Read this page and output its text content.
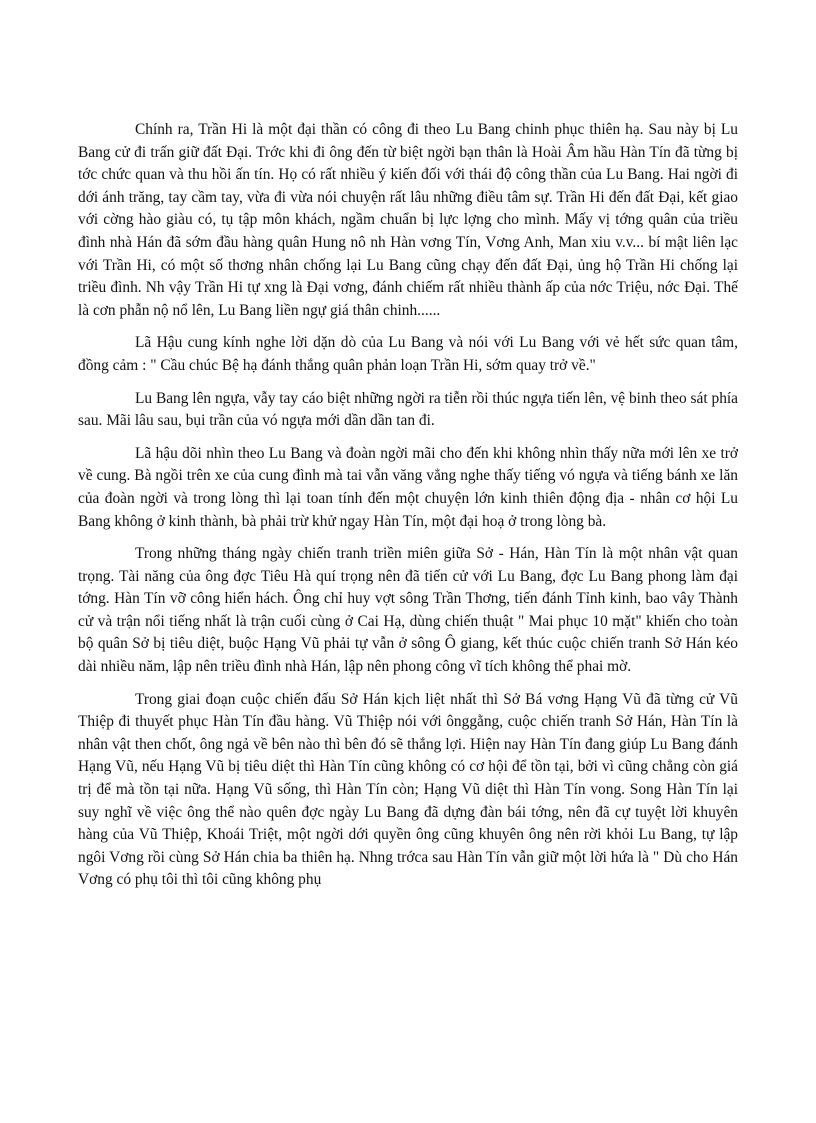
Chính ra, Trần Hi là một đại thần có công đi theo Lu Bang chinh phục thiên hạ. Sau này bị Lu Bang cử đi trấn giữ đất Đại. Trớc khi đi ông đến từ biệt ngời bạn thân là Hoài Âm hầu Hàn Tín đã từng bị tớc chức quan và thu hồi ấn tín. Họ có rất nhiều ý kiến đối với thái độ công thần của Lu Bang. Hai ngời đi dới ánh trăng, tay cầm tay, vừa đi vừa nói chuyện rất lâu những điều tâm sự. Trần Hi đến đất Đại, kết giao với cờng hào giàu có, tụ tập môn khách, ngầm chuẩn bị lực lợng cho mình. Mấy vị tớng quân của triều đình nhà Hán đã sớm đầu hàng quân Hung nô nh Hàn vơng Tín, Vơng Anh, Man xiu v.v... bí mật liên lạc với Trần Hi, có một số thơng nhân chống lại Lu Bang cũng chạy đến đất Đại, ủng hộ Trần Hi chống lại triều đình. Nh vậy Trần Hi tự xng là Đại vơng, đánh chiếm rất nhiều thành ấp của nớc Triệu, nớc Đại. Thế là cơn phẫn nộ nổ lên, Lu Bang liền ngự giá thân chinh......

Lã Hậu cung kính nghe lời dặn dò của Lu Bang và nói với Lu Bang với vẻ hết sức quan tâm, đồng cảm : " Cầu chúc Bệ hạ đánh thắng quân phản loạn Trần Hi, sớm quay trở về."

Lu Bang lên ngựa, vẫy tay cáo biệt những ngời ra tiễn rồi thúc ngựa tiến lên, vệ binh theo sát phía sau. Mãi lâu sau, bụi trần của vó ngựa mới dần dần tan đi.

Lã hậu dõi nhìn theo Lu Bang và đoàn ngời mãi cho đến khi không nhìn thấy nữa mới lên xe trở về cung. Bà ngồi trên xe của cung đình mà tai vẫn văng vẳng nghe thấy tiếng vó ngựa và tiếng bánh xe lăn của đoàn ngời và trong lòng thì lại toan tính đến một chuyện lớn kinh thiên động địa - nhân cơ hội Lu Bang không ở kinh thành, bà phải trừ khử ngay Hàn Tín, một đại hoạ ở trong lòng bà.

Trong những tháng ngày chiến tranh triền miên giữa Sở - Hán, Hàn Tín là một nhân vật quan trọng. Tài năng của ông đợc Tiêu Hà quí trọng nên đã tiến cử với Lu Bang, đợc Lu Bang phong làm đại tớng. Hàn Tín vỡ công hiển hách. Ông chỉ huy vợt sông Trần Thơng, tiến đánh Tỉnh kinh, bao vây Thành cử và trận nổi tiếng nhất là trận cuối cùng ở Cai Hạ, dùng chiến thuật " Mai phục 10 mặt" khiến cho toàn bộ quân Sở bị tiêu diệt, buộc Hạng Vũ phải tự vẫn ở sông Ô giang, kết thúc cuộc chiến tranh Sở Hán kéo dài nhiều năm, lập nên triều đình nhà Hán, lập nên phong công vĩ tích không thể phai mờ.

Trong giai đoạn cuộc chiến đấu Sở Hán kịch liệt nhất thì Sở Bá vơng Hạng Vũ đã từng cử Vũ Thiệp đi thuyết phục Hàn Tín đầu hàng. Vũ Thiệp nói với ônggằng, cuộc chiến tranh Sở Hán, Hàn Tín là nhân vật then chốt, ông ngả về bên nào thì bên đó sẽ thắng lợi. Hiện nay Hàn Tín đang giúp Lu Bang đánh Hạng Vũ, nếu Hạng Vũ bị tiêu diệt thì Hàn Tín cũng không có cơ hội để tồn tại, bởi vì cũng chẳng còn giá trị để mà tồn tại nữa. Hạng Vũ sống, thì Hàn Tín còn; Hạng Vũ diệt thì Hàn Tín vong. Song Hàn Tín lại suy nghĩ về việc ông thể nào quên đợc ngày Lu Bang đã dựng đàn bái tớng, nên đã cự tuyệt lời khuyên hàng của Vũ Thiệp, Khoái Triệt, một ngời dới quyền ông cũng khuyên ông nên rời khỏi Lu Bang, tự lập ngôi Vơng rồi cùng Sở Hán chia ba thiên hạ. Nhng trớca sau Hàn Tín vẫn giữ một lời hứa là " Dù cho Hán Vơng có phụ tôi thì tôi cũng không phụ
